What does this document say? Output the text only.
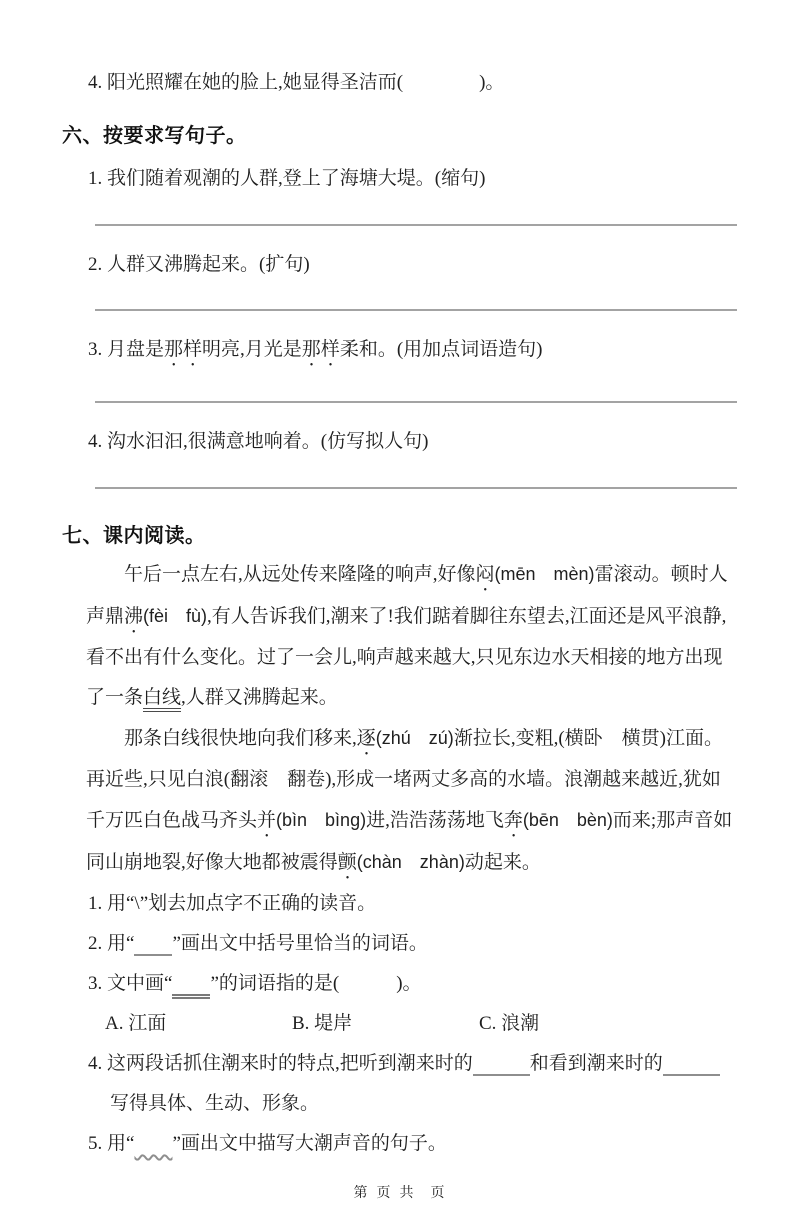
4. 阳光照耀在她的脸上,她显得圣洁而(　　　　)。

六、按要求写句子。

1. 我们随着观潮的人群,登上了海塘大堤。(缩句)

2. 人群又沸腾起来。(扩句)

3. 月盘是那样明亮,月光是那样柔和。(用加点词语造句)

4. 沟水汩汩,很满意地响着。(仿写拟人句)

七、课内阅读。

午后一点左右,从远处传来隆隆的响声,好像闷(mēn　mèn)雷滚动。顿时人声鼎沸(fèi　fù),有人告诉我们,潮来了!我们踮着脚往东望去,江面还是风平浪静,看不出有什么变化。过了一会儿,响声越来越大,只见东边水天相接的地方出现了一条白线,人群又沸腾起来。

那条白线很快地向我们移来,逐(zhú　zú)渐拉长,变粗,(横卧　横贯)江面。再近些,只见白浪(翻滚　翻卷),形成一堵两丈多高的水墙。浪潮越来越近,犹如千万匹白色战马齐头并(bìn　bìng)进,浩浩荡荡地飞奔(bēn　bèn)而来;那声音如同山崩地裂,好像大地都被震得颤(chàn　zhàn)动起来。

1. 用“\”划去加点字不正确的读音。

2. 用“　　 ”画出文中括号里恰当的词语。

3. 文中画“　　 ”的词语指的是(　　　)。

A. 江面	B. 堤岸	C. 浪潮

4. 这两段话抓住潮来时的特点,把听到潮来时的　　　	和看到潮来时的　　　写得具体、生动、形象。

5. 用“　　 ”画出文中描写大潮声音的句子。

第 页 共  页
